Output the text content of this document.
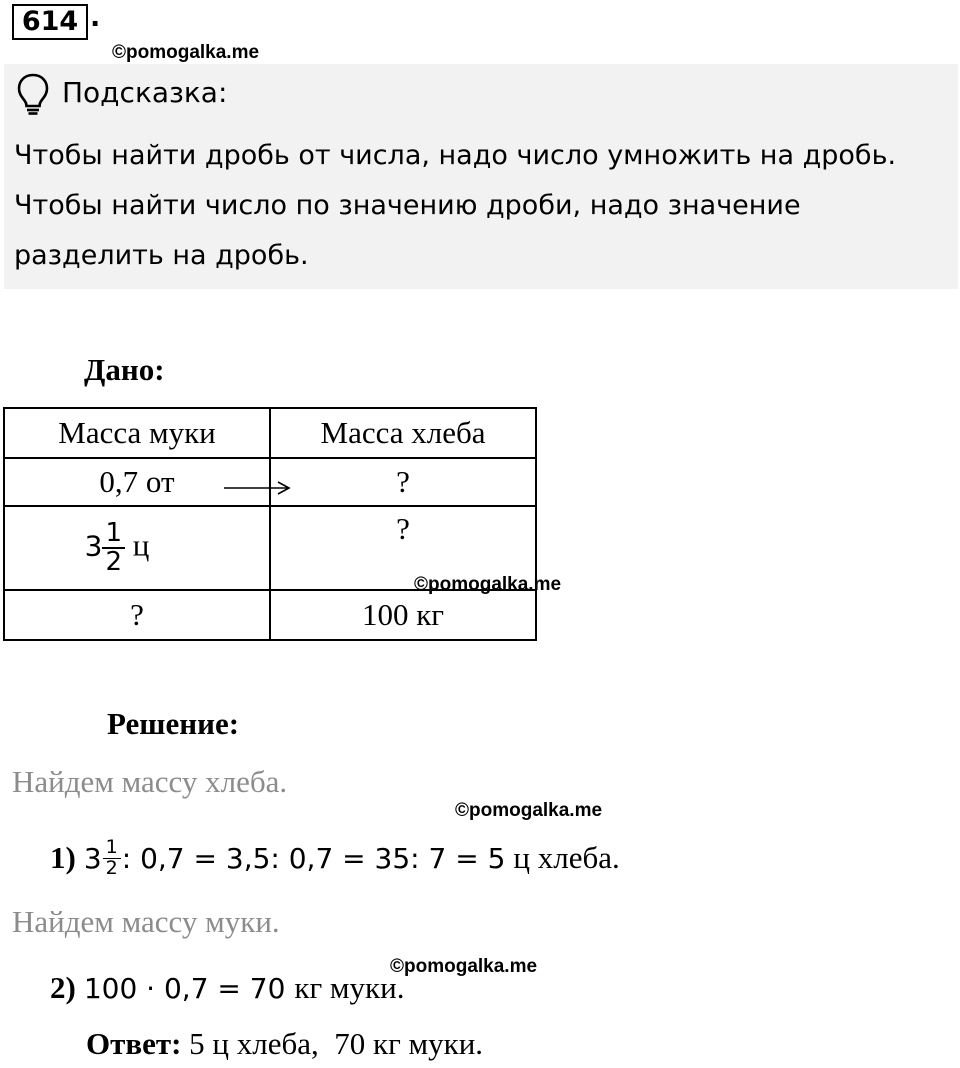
614 .
©pomogalka.me
Подсказка:
Чтобы найти дробь от числа, надо число умножить на дробь.
Чтобы найти число по значению дроби, надо значение
разделить на дробь.
Дано:
Масса муки	Масса хлеба
0,7 от	?
$3 \frac{1}{2}$ ц	?
?	100 кг
©pomogalka.me
Решение:
Найдем массу хлеба.
©pomogalka.me
1) $3 \frac{1}{2}$ : 0,7 = 3,5: 0,7 = 35: 7 = 5 ц хлеба.
Найдем массу муки.
©pomogalka.me
2) 100 · 0,7 = 70 кг муки.
Ответ: 5 ц хлеба,  70 кг муки.
